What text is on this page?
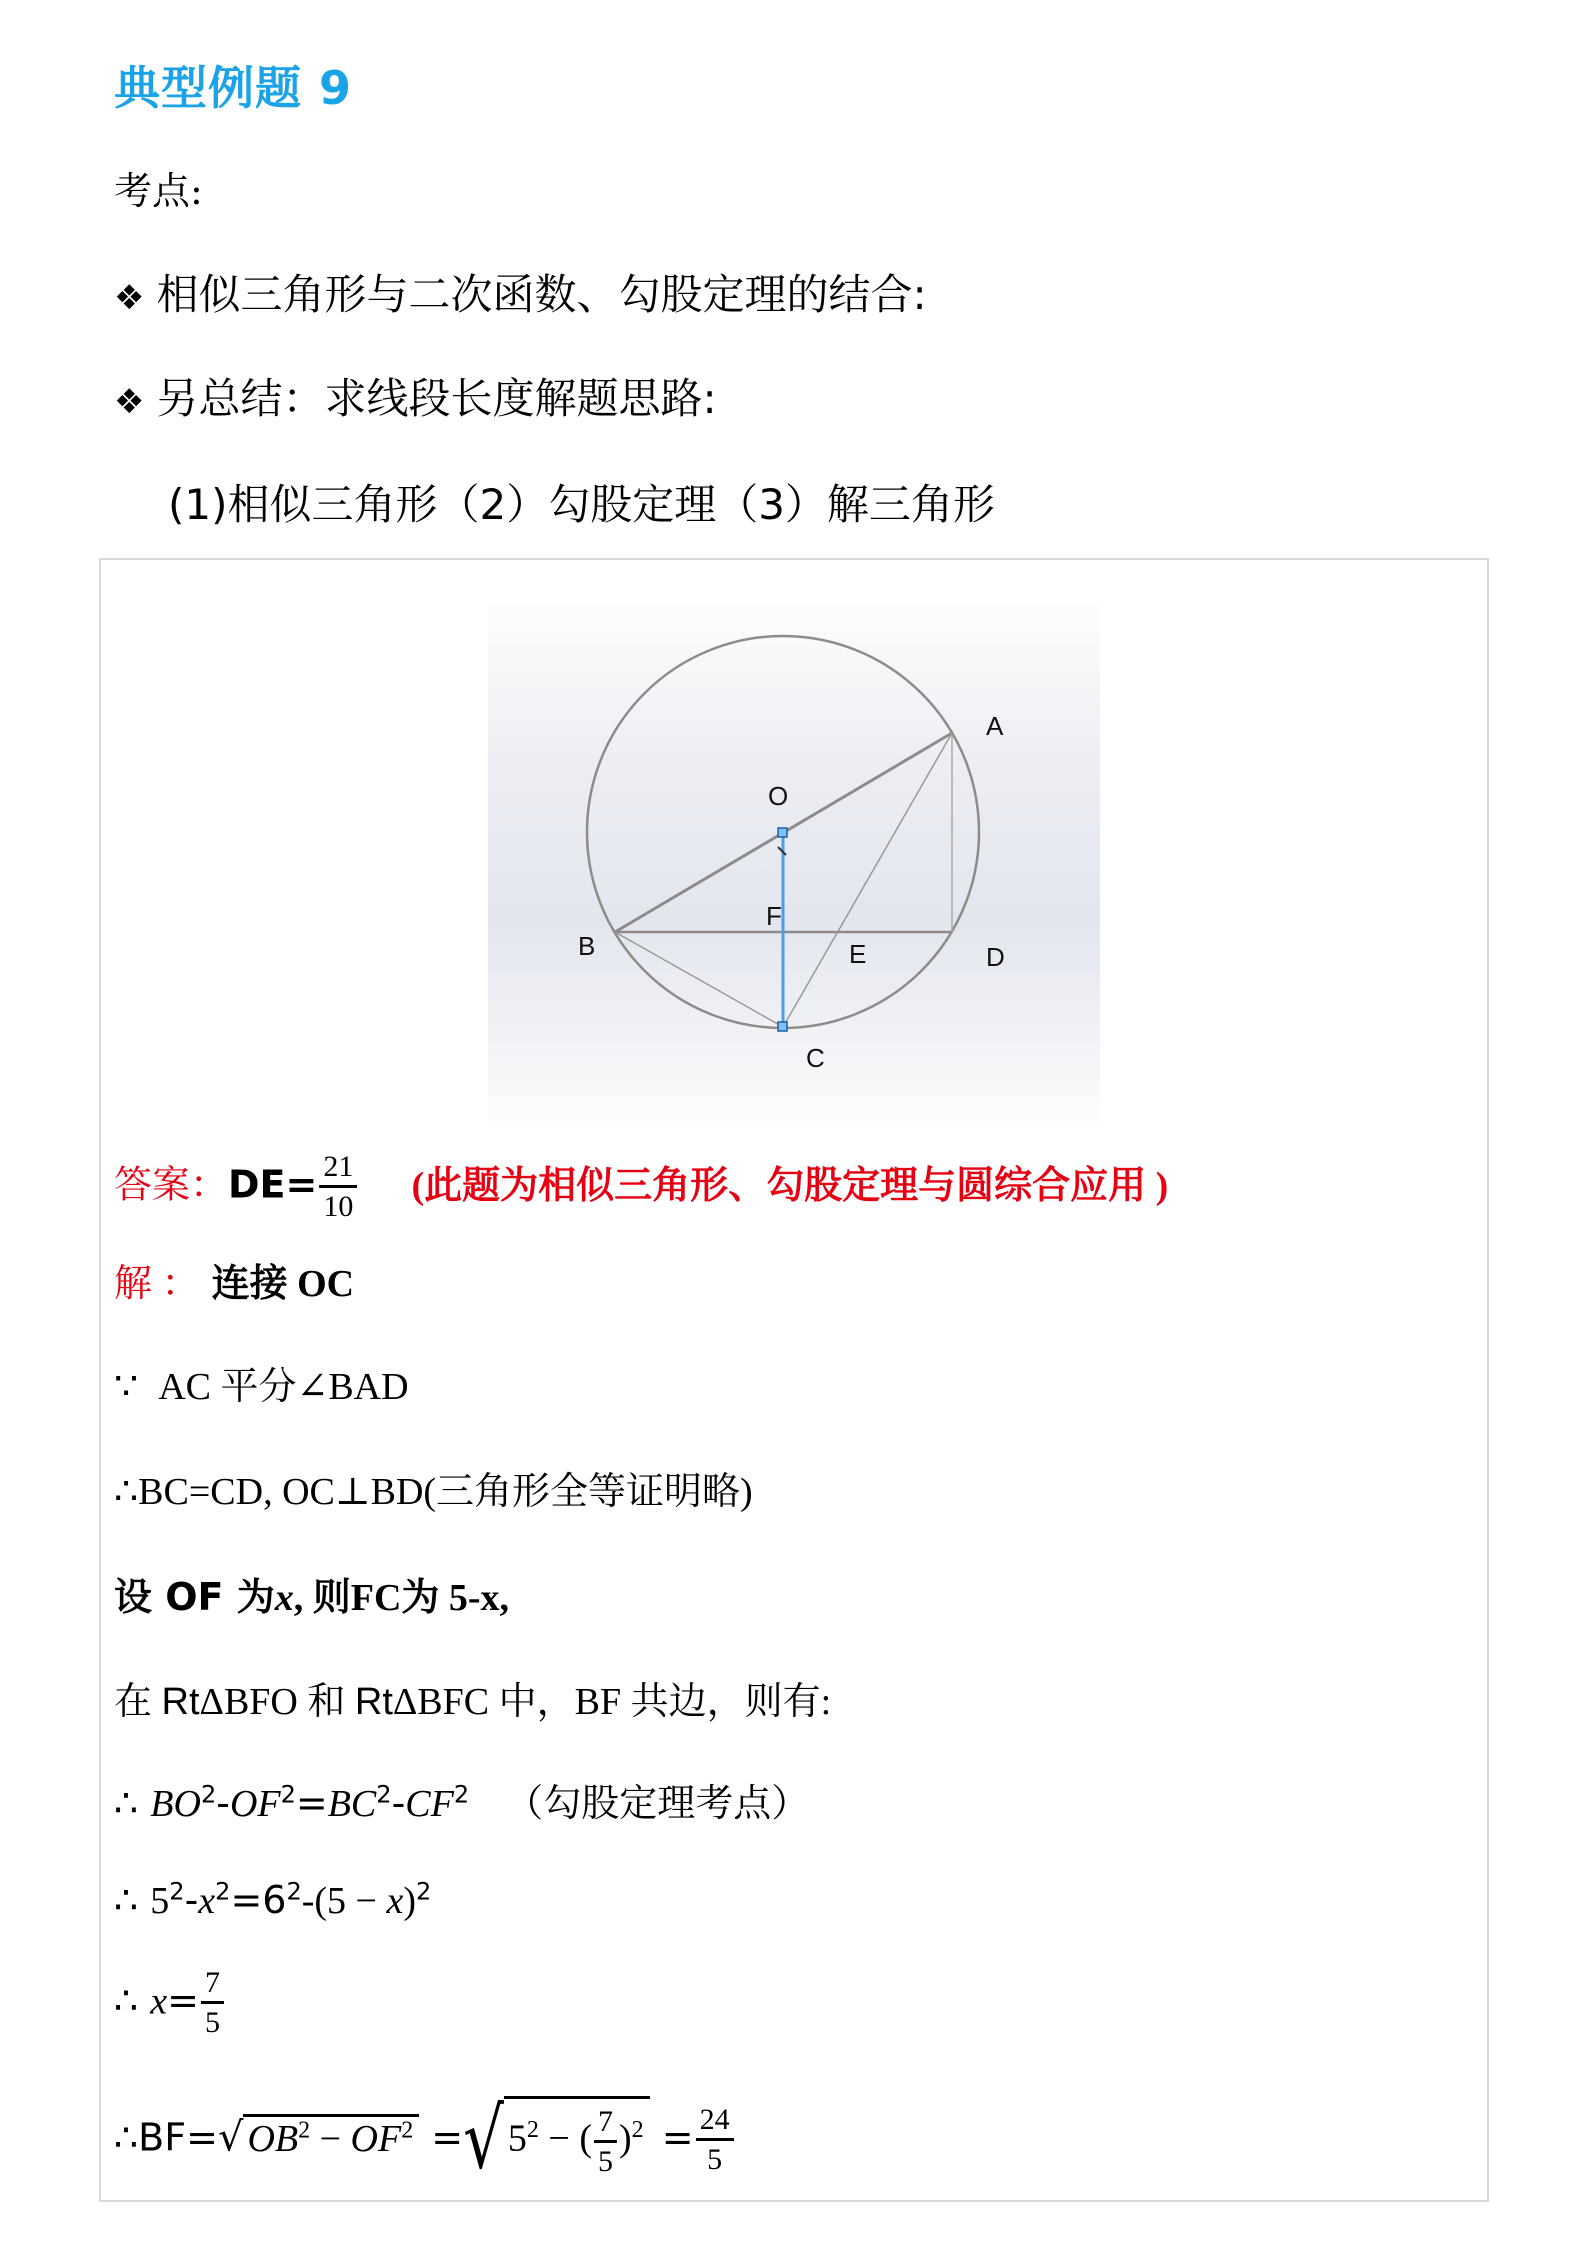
典型例题 9
考点:
❖ 相似三角形与二次函数、勾股定理的结合:
❖ 另总结：求线段长度解题思路:
(1)相似三角形（2）勾股定理（3）解三角形
A
O
F
B	E	D
C
答案：$DE= \frac{21}{10}$ (此题为相似三角形、勾股定理与圆综合应用 )
解 ： 连接 OC
∵ AC 平分∠BAD
∴BC=CD, OC⊥BD(三角形全等证明略)
设 OF 为x, 则FC为 5-x,
在 RtΔBFO 和 RtΔBFC 中，BF 共边，则有:
∴ $BO^2-OF^2=BC^2-CF^2$ （勾股定理考点）
∴ $5^2-x^2=6^2-(5 - x)^2$
∴ $x= \frac{7}{5}$
∴BF=√ $OB^2 - OF^2$ =√ $5^2$ − ( $\frac{7}{5} )^2 = \frac{24}{5}$
